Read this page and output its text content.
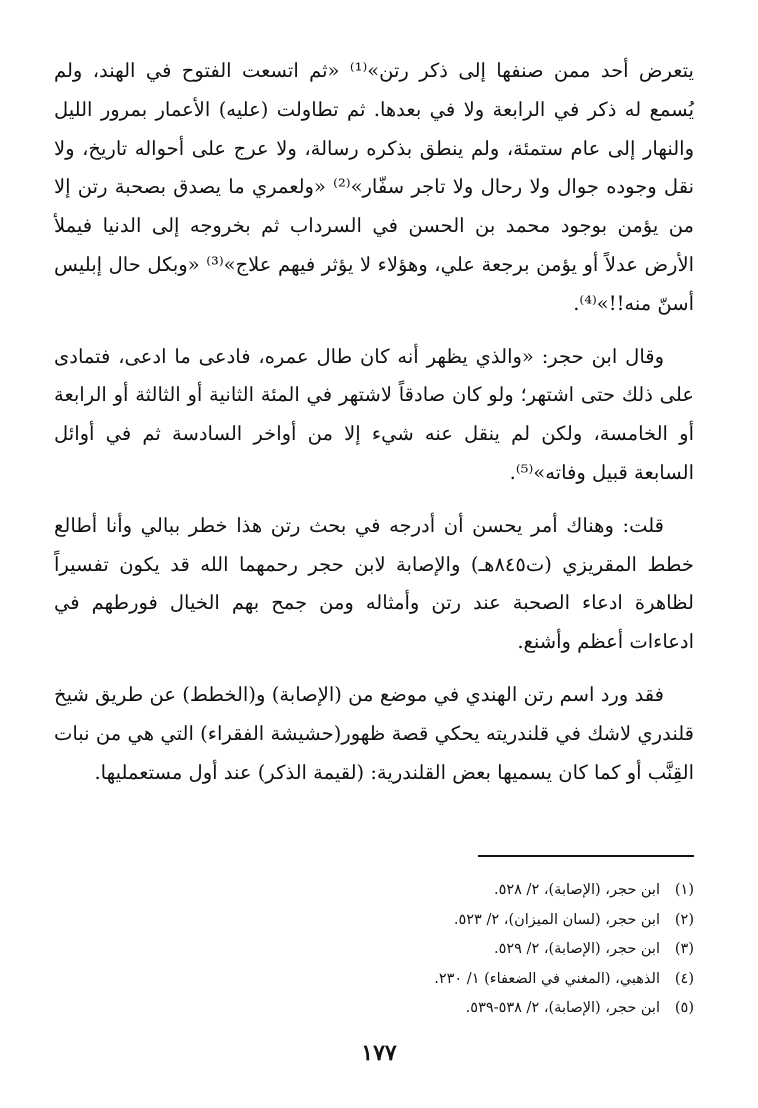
يتعرض أحد ممن صنفها إلى ذكر رتن»⁽¹⁾ «ثم اتسعت الفتوح في الهند، ولم يُسمع له ذكر في الرابعة ولا في بعدها. ثم تطاولت (عليه) الأعمار بمرور الليل والنهار إلى عام ستمئة، ولم ينطق بذكره رسالة، ولا عرج على أحواله تاريخ، ولا نقل وجوده جوال ولا رحال ولا تاجر سفّار»⁽²⁾ «ولعمري ما يصدق بصحبة رتن إلا من يؤمن بوجود محمد بن الحسن في السرداب ثم بخروجه إلى الدنيا فيملأ الأرض عدلاً أو يؤمن برجعة علي، وهؤلاء لا يؤثر فيهم علاج»⁽³⁾ «وبكل حال إبليس أسنّ منه!!»⁽⁴⁾.

وقال ابن حجر: «والذي يظهر أنه كان طال عمره، فادعى ما ادعى، فتمادى على ذلك حتى اشتهر؛ ولو كان صادقاً لاشتهر في المئة الثانية أو الثالثة أو الرابعة أو الخامسة، ولكن لم ينقل عنه شيء إلا من أواخر السادسة ثم في أوائل السابعة قبيل وفاته»⁽⁵⁾.

قلت: وهناك أمر يحسن أن أدرجه في بحث رتن هذا خطر ببالي وأنا أطالع خطط المقريزي (ت٨٤٥هـ) والإصابة لابن حجر رحمهما الله قد يكون تفسيراً لظاهرة ادعاء الصحبة عند رتن وأمثاله ومن جمح بهم الخيال فورطهم في ادعاءات أعظم وأشنع.

فقد ورد اسم رتن الهندي في موضع من (الإصابة) و(الخطط) عن طريق شيخ قلندري لاشك في قلندريته يحكي قصة ظهور(حشيشة الفقراء) التي هي من نبات القِنَّب أو كما كان يسميها بعض القلندرية: (لقيمة الذكر) عند أول مستعمليها.

(١)
ابن حجر، (الإصابة)، ٢/ ٥٢٨.
(٢)
ابن حجر، (لسان الميزان)، ٢/ ٥٢٣.
(٣)
ابن حجر، (الإصابة)، ٢/ ٥٢٩.
(٤)
الذهبي، (المغني في الضعفاء) ١/ ٢٣٠.
(٥)
ابن حجر، (الإصابة)، ٢/ ٥٣٨-٥٣٩.
١٧٧
